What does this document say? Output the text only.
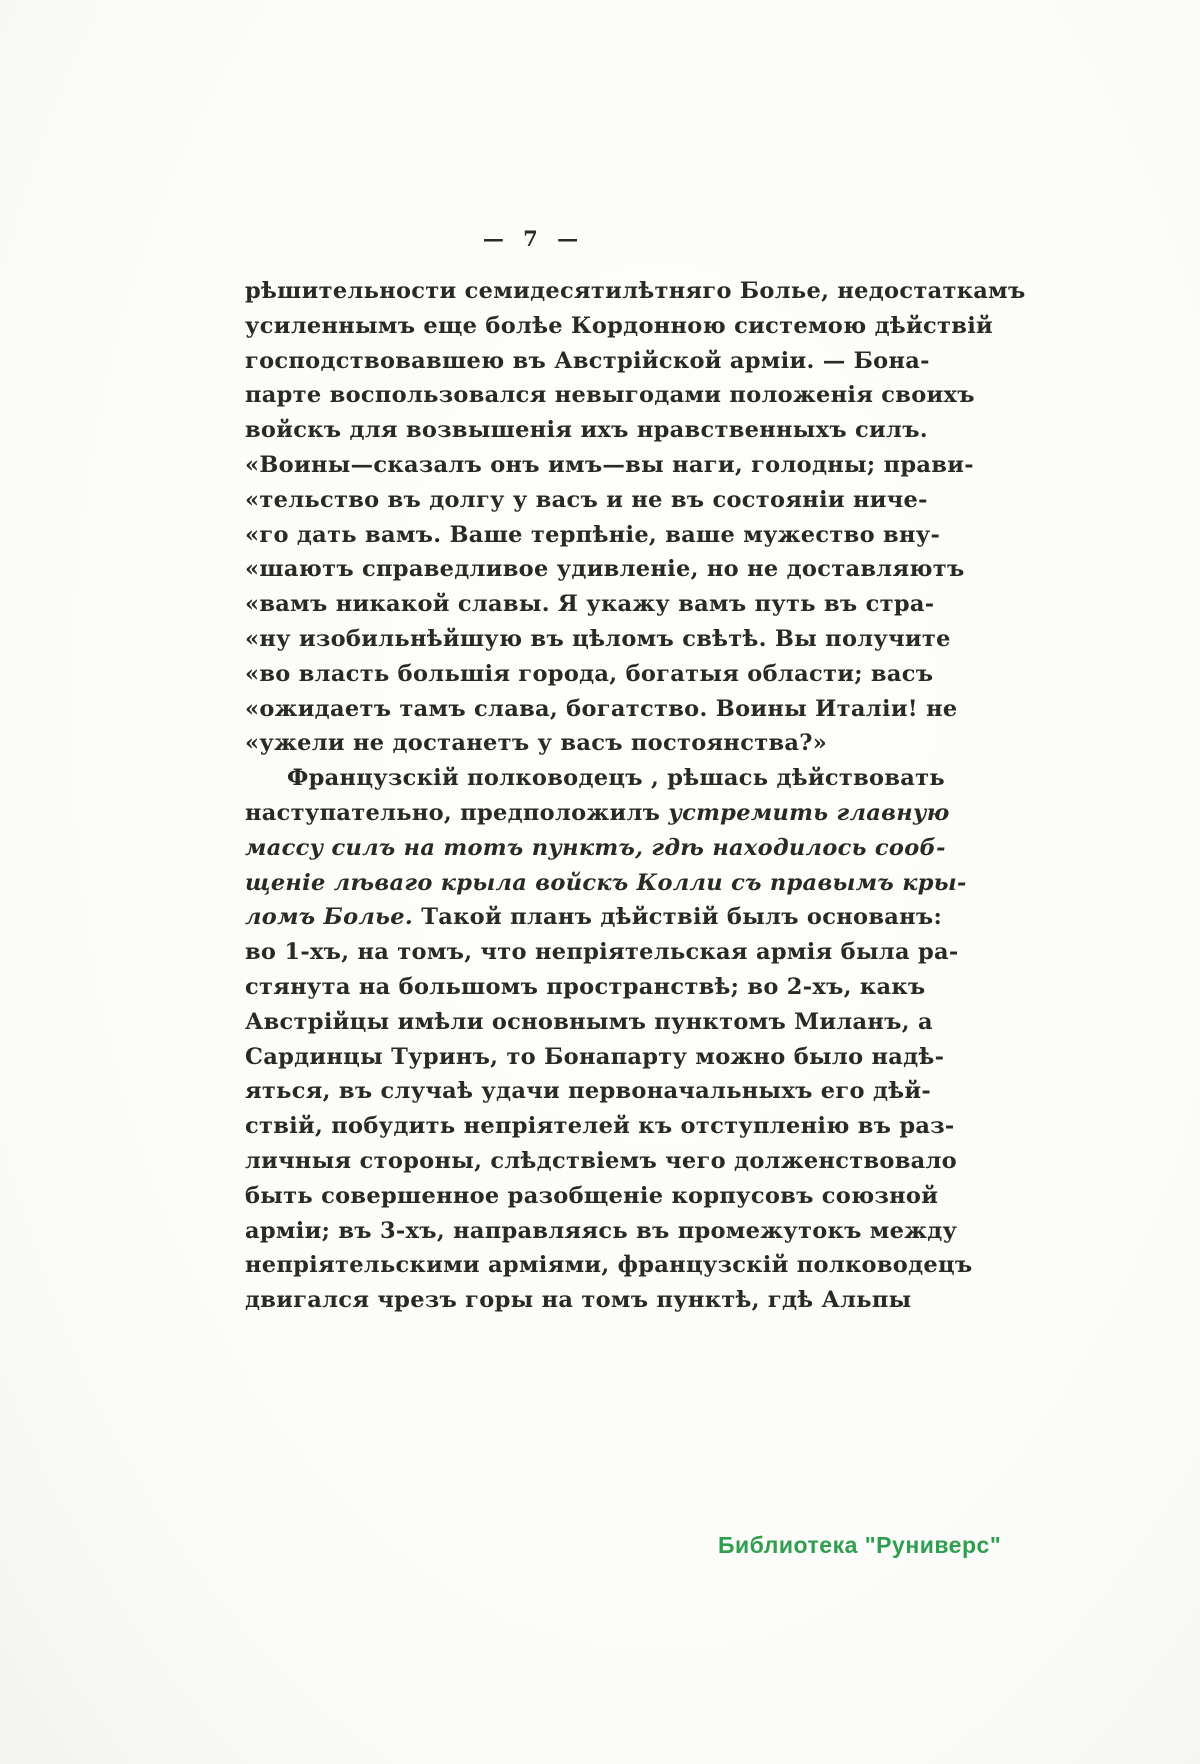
— 7 —
рѣшительности семидесятилѣтняго Болье, недостаткамъ
усиленнымъ еще болѣе Кордонною системою дѣйствій
господствовавшею въ Австрійской арміи. — Бона-
парте воспользовался невыгодами положенія своихъ
войскъ для возвышенія ихъ нравственныхъ силъ.
«Воины—сказалъ онъ имъ—вы наги, голодны; прави-
«тельство въ долгу у васъ и не въ состояніи ниче-
«го дать вамъ. Ваше терпѣніе, ваше мужество вну-
«шаютъ справедливое удивленіе, но не доставляютъ
«вамъ никакой славы. Я укажу вамъ путь въ стра-
«ну изобильнѣйшую въ цѣломъ свѣтѣ. Вы получите
«во власть большія города, богатыя области; васъ
«ожидаетъ тамъ слава, богатство. Воины Италіи! не
«ужели не достанетъ у васъ постоянства?»
Французскій полководецъ , рѣшась дѣйствовать
наступательно, предположилъ устремить главную
массу силъ на тотъ пунктъ, гдѣ находилось сооб-
щеніе лѣваго крыла войскъ Колли съ правымъ кры-
ломъ Болье. Такой планъ дѣйствій былъ основанъ:
во 1-хъ, на томъ, что непріятельская армія была ра-
стянута на большомъ пространствѣ; во 2-хъ, какъ
Австрійцы имѣли основнымъ пунктомъ Миланъ, а
Сардинцы Туринъ, то Бонапарту можно было надѣ-
яться, въ случаѣ удачи первоначальныхъ его дѣй-
ствій, побудить непріятелей къ отступленію въ раз-
личныя стороны, слѣдствіемъ чего долженствовало
быть совершенное разобщеніе корпусовъ союзной
арміи; въ 3-хъ, направляясь въ промежутокъ между
непріятельскими арміями, французскій полководецъ
двигался чрезъ горы на томъ пунктѣ, гдѣ Альпы
Библиотека "Руниверс"
